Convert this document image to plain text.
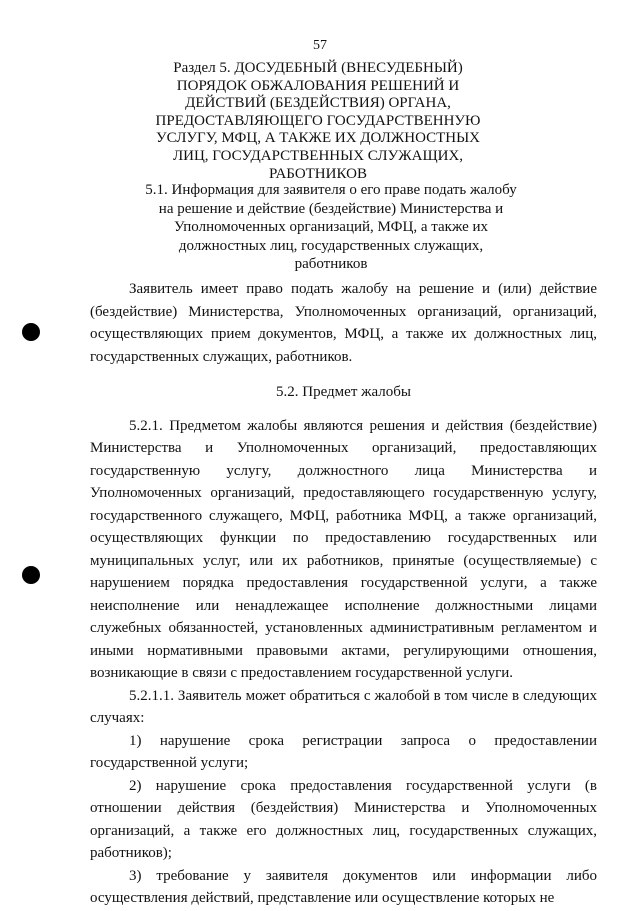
57
Раздел 5. ДОСУДЕБНЫЙ (ВНЕСУДЕБНЫЙ) ПОРЯДОК ОБЖАЛОВАНИЯ РЕШЕНИЙ И ДЕЙСТВИЙ (БЕЗДЕЙСТВИЯ) ОРГАНА, ПРЕДОСТАВЛЯЮЩЕГО ГОСУДАРСТВЕННУЮ УСЛУГУ, МФЦ, А ТАКЖЕ ИХ ДОЛЖНОСТНЫХ ЛИЦ, ГОСУДАРСТВЕННЫХ СЛУЖАЩИХ, РАБОТНИКОВ
5.1. Информация для заявителя о его праве подать жалобу на решение и действие (бездействие) Министерства и Уполномоченных организаций, МФЦ, а также их должностных лиц, государственных служащих, работников

Заявитель имеет право подать жалобу на решение и (или) действие (бездействие) Министерства, Уполномоченных организаций, организаций, осуществляющих прием документов, МФЦ, а также их должностных лиц, государственных служащих, работников.

5.2. Предмет жалобы

5.2.1. Предметом жалобы являются решения и действия (бездействие) Министерства и Уполномоченных организаций, предоставляющих государственную услугу, должностного лица Министерства и Уполномоченных организаций, предоставляющего государственную услугу, государственного служащего, МФЦ, работника МФЦ, а также организаций, осуществляющих функции по предоставлению государственных или муниципальных услуг, или их работников, принятые (осуществляемые) с нарушением порядка предоставления государственной услуги, а также неисполнение или ненадлежащее исполнение должностными лицами служебных обязанностей, установленных административным регламентом и иными нормативными правовыми актами, регулирующими отношения, возникающие в связи с предоставлением государственной услуги.

5.2.1.1. Заявитель может обратиться с жалобой в том числе в следующих случаях:

1) нарушение срока регистрации запроса о предоставлении государственной услуги;

2) нарушение срока предоставления государственной услуги (в отношении действия (бездействия) Министерства и Уполномоченных организаций, а также его должностных лиц, государственных служащих, работников);

3) требование у заявителя документов или информации либо осуществления действий, представление или осуществление которых не
